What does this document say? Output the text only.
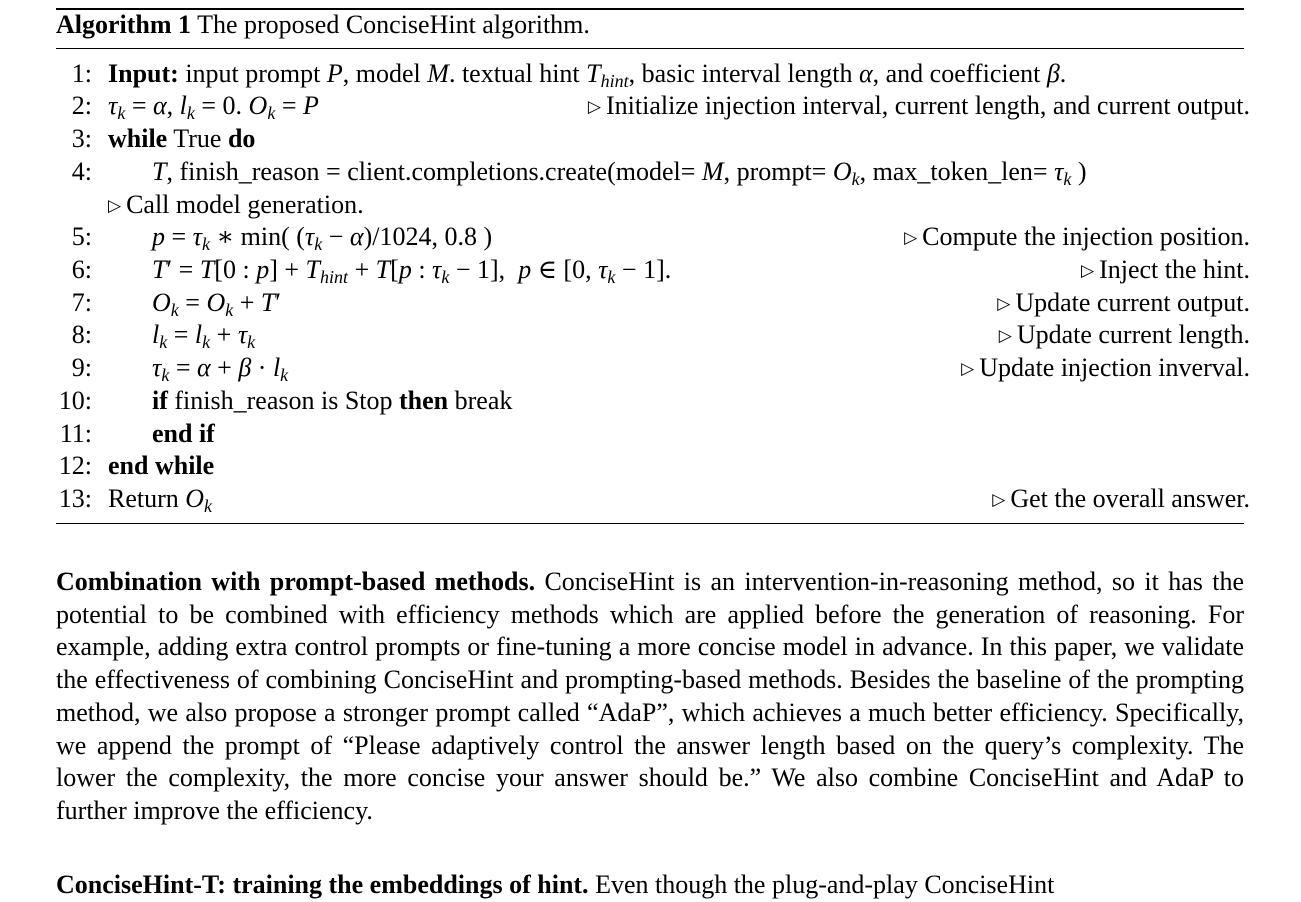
Algorithm 1 The proposed ConciseHint algorithm.
1: Input: input prompt P, model M. textual hint $T_{hint}$, basic interval length α, and coefficient β.
2: $\tau_k = \alpha$, $l_k = 0$. $O_k = P$	▷ Initialize injection interval, current length, and current output.
3: while True do
4: T, finish_reason = client.completions.create(model= M, prompt= $O_k$, max_token_len= $\tau_k$ )
▷ Call model generation.
5: $p = \tau_k$ ∗ min( $(\tau_k - \alpha)/1024$, 0.8 )	▷ Compute the injection position.
6: T′ = T[0 : $p] + T_{hint} + T[p$ : $\tau_k - 1$],  p ∈ [0, $\tau_k - 1$].	▷ Inject the hint.
7: $O_k = O_k + T'$	▷ Update current output.
8: $l_k = l_k + \tau_k$	▷ Update current length.
9: $\tau_k = \alpha + \beta \cdot l_k$	▷ Update injection inverval.
10: if finish_reason is Stop then break
11: end if
12: end while
13: Return $O_k$	▷ Get the overall answer.
Combination with prompt-based methods. ConciseHint is an intervention-in-reasoning method, so it has the potential to be combined with efficiency methods which are applied before the generation of reasoning. For example, adding extra control prompts or fine-tuning a more concise model in advance. In this paper, we validate the effectiveness of combining ConciseHint and prompting-based methods. Besides the baseline of the prompting method, we also propose a stronger prompt called “AdaP”, which achieves a much better efficiency. Specifically, we append the prompt of “Please adaptively control the answer length based on the query’s complexity. The lower the complexity, the more concise your answer should be.” We also combine ConciseHint and AdaP to further improve the efficiency.
ConciseHint-T: training the embeddings of hint. Even though the plug-and-play ConciseHint
